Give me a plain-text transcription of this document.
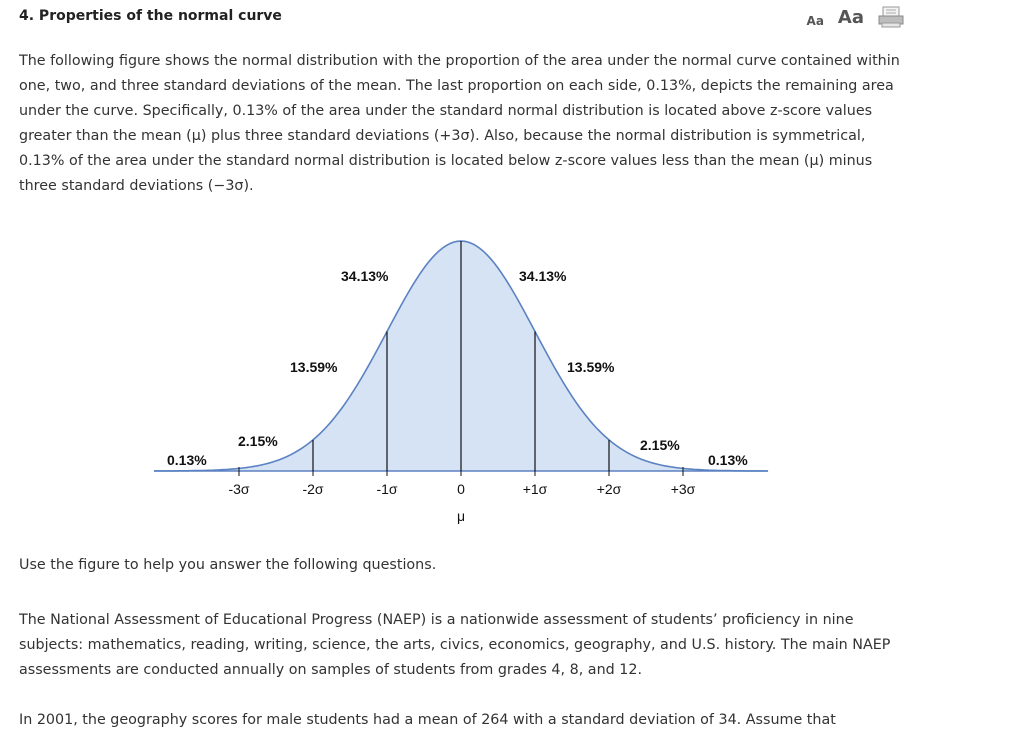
4. Properties of the normal curve	Aa Aa

The following figure shows the normal distribution with the proportion of the area under the normal curve contained within one, two, and three standard deviations of the mean. The last proportion on each side, 0.13%, depicts the remaining area under the curve. Specifically, 0.13% of the area under the standard normal distribution is located above z-score values greater than the mean (μ) plus three standard deviations (+3σ). Also, because the normal distribution is symmetrical, 0.13% of the area under the standard normal distribution is located below z-score values less than the mean (μ) minus three standard deviations (−3σ).

0.13%
2.15%
13.59%
34.13%	34.13%
13.59%
2.15%
0.13%
-3σ	-2σ	-1σ	0	+1σ	+2σ	+3σ
μ

Use the figure to help you answer the following questions.

The National Assessment of Educational Progress (NAEP) is a nationwide assessment of students’ proficiency in nine subjects: mathematics, reading, writing, science, the arts, civics, economics, geography, and U.S. history. The main NAEP assessments are conducted annually on samples of students from grades 4, 8, and 12.

In 2001, the geography scores for male students had a mean of 264 with a standard deviation of 34. Assume that
